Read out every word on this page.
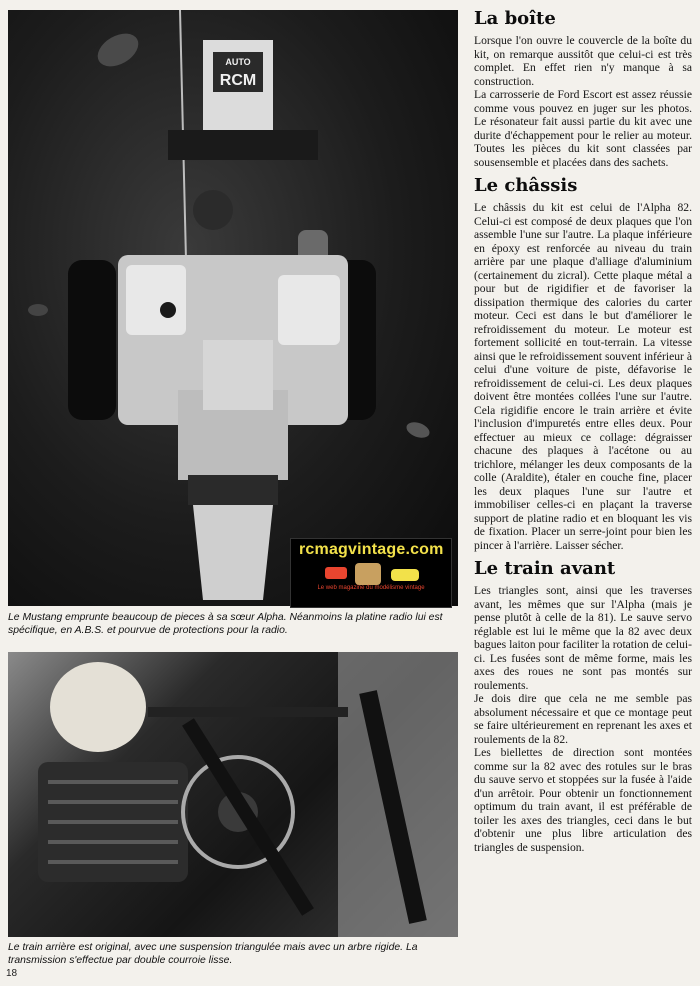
AUTO
RCM
rcmagvintage.com
Le web magazine du modélisme vintage

Le Mustang emprunte beaucoup de pieces à sa sœur Alpha. Néanmoins la platine radio lui est spécifique, en A.B.S. et pourvue de protections pour la radio.

Le train arrière est original, avec une suspension triangulée mais avec un arbre rigide. La transmission s'effectue par double courroie lisse.

18
La boîte

Lorsque l'on ouvre le couvercle de la boîte du kit, on remarque aussitôt que celui-ci est très complet. En effet rien n'y manque à sa construction.

La carrosserie de Ford Escort est assez réussie comme vous pouvez en juger sur les photos. Le résonateur fait aussi partie du kit avec une durite d'échappement pour le relier au moteur. Toutes les pièces du kit sont classées par sousensemble et placées dans des sachets.

Le châssis

Le châssis du kit est celui de l'Alpha 82. Celui-ci est composé de deux plaques que l'on assemble l'une sur l'autre. La plaque inférieure en époxy est renforcée au niveau du train arrière par une plaque d'alliage d'aluminium (certainement du zicral). Cette plaque métal a pour but de rigidifier et de favoriser la dissipation thermique des calories du carter moteur. Ceci est dans le but d'améliorer le refroidissement du moteur. Le moteur est fortement sollicité en tout-terrain. La vitesse ainsi que le refroidissement souvent inférieur à celui d'une voiture de piste, défavorise le refroidissement de celui-ci. Les deux plaques doivent être montées collées l'une sur l'autre. Cela rigidifie encore le train arrière et évite l'inclusion d'impuretés entre elles deux. Pour effectuer au mieux ce collage: dégraisser chacune des plaques à l'acétone ou au trichlore, mélanger les deux composants de la colle (Araldite), étaler en couche fine, placer les deux plaques l'une sur l'autre et immobiliser celles-ci en plaçant la traverse support de platine radio et en bloquant les vis de fixation. Placer un serre-joint pour bien les pincer à l'arrière. Laisser sécher.

Le train avant

Les triangles sont, ainsi que les traverses avant, les mêmes que sur l'Alpha (mais je pense plutôt à celle de la 81). Le sauve servo réglable est lui le même que la 82 avec deux bagues laiton pour faciliter la rotation de celui-ci. Les fusées sont de même forme, mais les axes des roues ne sont pas montés sur roulements.

Je dois dire que cela ne me semble pas absolument nécessaire et que ce montage peut se faire ultérieurement en reprenant les axes et roulements de la 82.

Les biellettes de direction sont montées comme sur la 82 avec des rotules sur le bras du sauve servo et stoppées sur la fusée à l'aide d'un arrêtoir. Pour obtenir un fonctionnement optimum du train avant, il est préférable de toiler les axes des triangles, ceci dans le but d'obtenir une plus libre articulation des triangles de suspension.
